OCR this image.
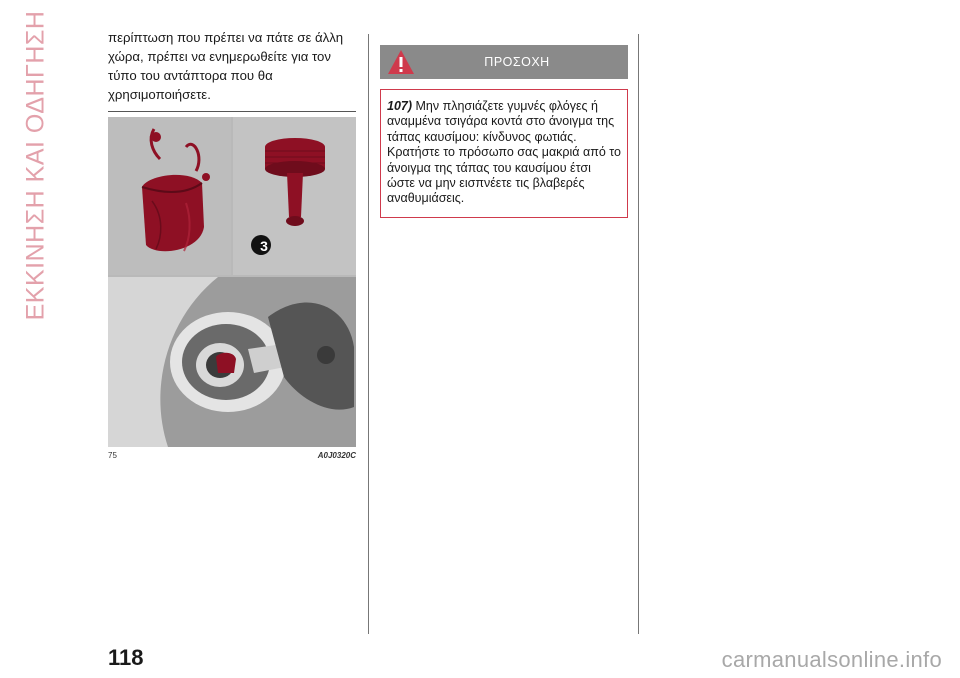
ΕΚΚΙΝΗΣΗ ΚΑΙ ΟΔΗΓΗΣΗ	περίπτωση που πρέπει να πάτε σε άλλη χώρα, πρέπει να ενημερωθείτε για τον τύπο του αντάπτορα που θα χρησιμοποιήσετε.
3
75	A0J0320C
ΠΡΟΣΟΧΗ
107) Μην πλησιάζετε γυμνές φλόγες ή αναμμένα τσιγάρα κοντά στο άνοιγμα της τάπας καυσίμου: κίνδυνος φωτιάς. Κρατήστε το πρόσωπο σας μακριά από το άνοιγμα της τάπας του καυσίμου έτσι ώστε να μην εισπνέετε τις βλαβερές αναθυμιάσεις.
118	carmanualsonline.info
